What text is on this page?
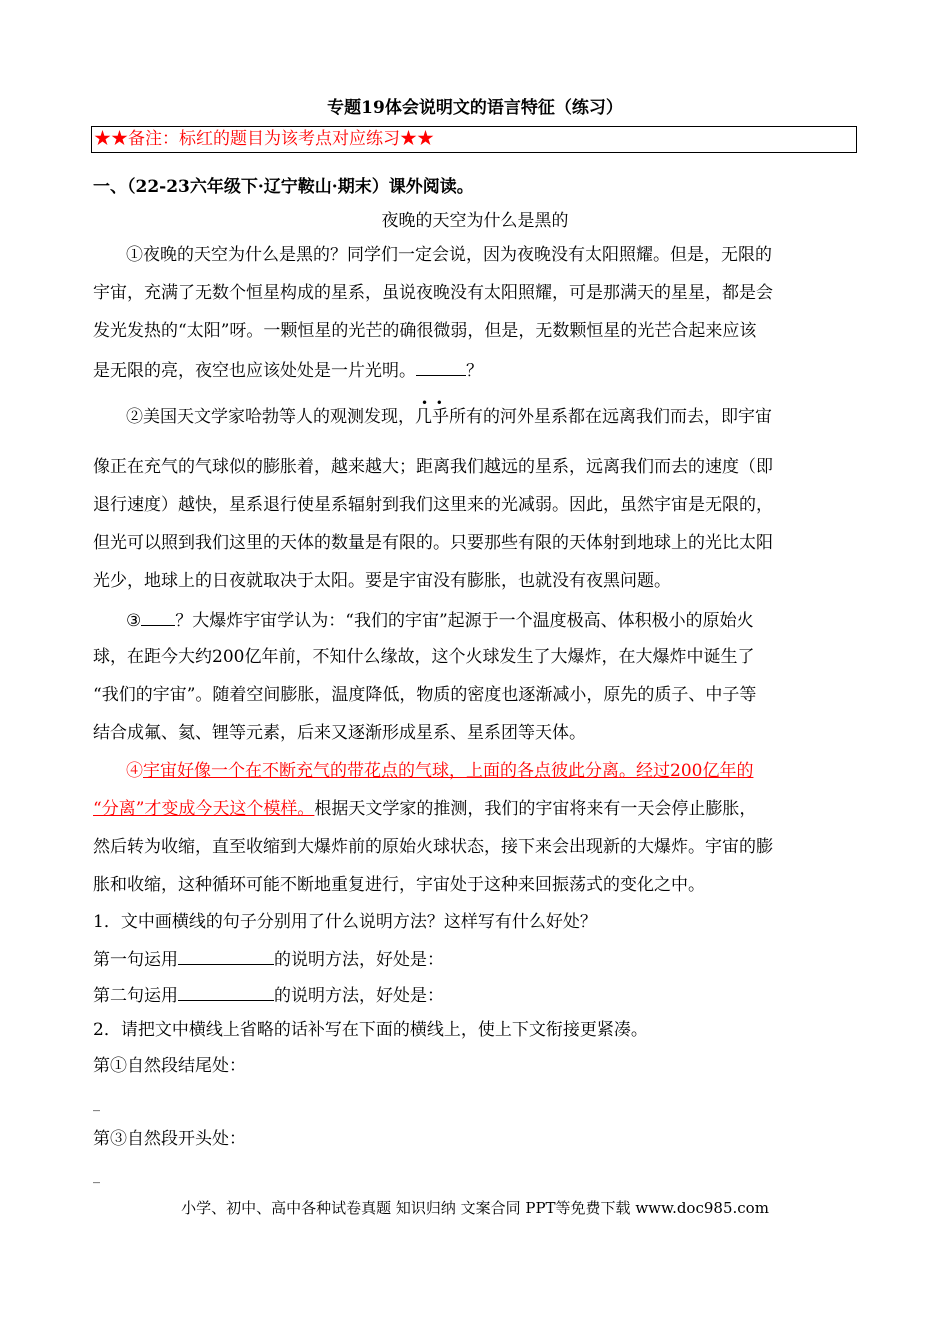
专题19体会说明文的语言特征（练习）
★★备注：标红的题目为该考点对应练习★★
一、（22-23六年级下·辽宁鞍山·期末）课外阅读。
夜晚的天空为什么是黑的
①夜晚的天空为什么是黑的？同学们一定会说，因为夜晚没有太阳照耀。但是，无限的
宇宙，充满了无数个恒星构成的星系，虽说夜晚没有太阳照耀，可是那满天的星星，都是会
发光发热的“太阳”呀。一颗恒星的光芒的确很微弱，但是，无数颗恒星的光芒合起来应该
是无限的亮，夜空也应该处处是一片光明。	？
②美国天文学家哈勃等人的观测发现，
•  •
几乎所有的河外星系都在远离我们而去，即宇宙
像正在充气的气球似的膨胀着，越来越大；距离我们越远的星系，远离我们而去的速度（即
退行速度）越快，星系退行使星系辐射到我们这里来的光减弱。因此，虽然宇宙是无限的，
但光可以照到我们这里的天体的数量是有限的。只要那些有限的天体射到地球上的光比太阳
光少，地球上的日夜就取决于太阳。要是宇宙没有膨胀，也就没有夜黑问题。
③ ？大爆炸宇宙学认为：“我们的宇宙”起源于一个温度极高、体积极小的原始火
球，在距今大约200亿年前，不知什么缘故，这个火球发生了大爆炸，在大爆炸中诞生了
“我们的宇宙”。随着空间膨胀，温度降低，物质的密度也逐渐减小，原先的质子、中子等
结合成氟、氦、锂等元素，后来又逐渐形成星系、星系团等天体。
④宇宙好像一个在不断充气的带花点的气球，上面的各点彼此分离。经过200亿年的
“分离”才变成今天这个模样。根据天文学家的推测，我们的宇宙将来有一天会停止膨胀，
然后转为收缩，直至收缩到大爆炸前的原始火球状态，接下来会出现新的大爆炸。宇宙的膨
胀和收缩，这种循环可能不断地重复进行，宇宙处于这种来回振荡式的变化之中。
1．文中画横线的句子分别用了什么说明方法？这样写有什么好处？
第一句运用	的说明方法，好处是：
第二句运用	的说明方法，好处是：
2．请把文中横线上省略的话补写在下面的横线上，使上下文衔接更紧凑。
第①自然段结尾处：
_
第③自然段开头处：
_
小学、初中、高中各种试卷真题 知识归纳 文案合同 PPT等免费下载 www.doc985.com
